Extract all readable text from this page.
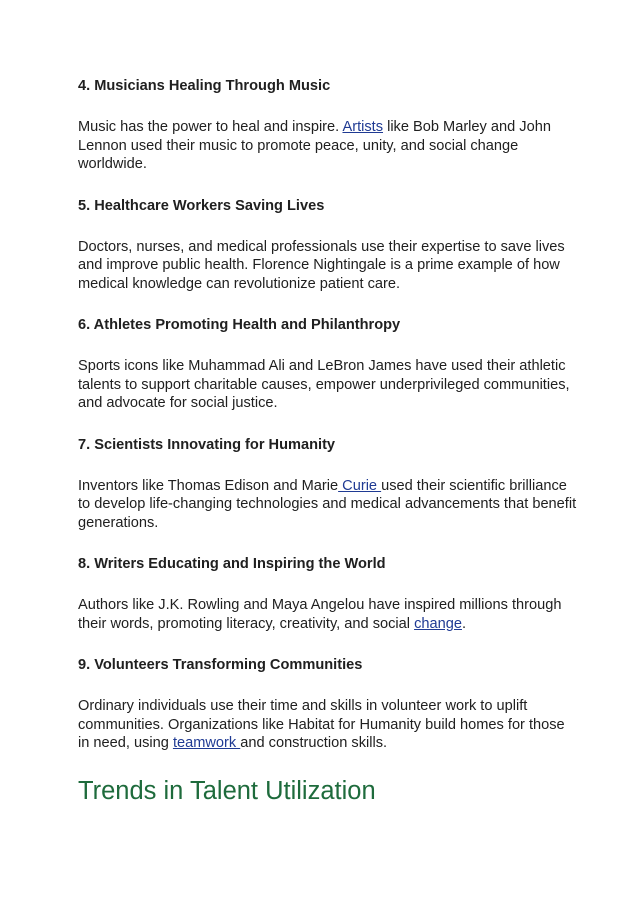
4. Musicians Healing Through Music

Music has the power to heal and inspire. Artists like Bob Marley and John Lennon used their music to promote peace, unity, and social change worldwide.

5. Healthcare Workers Saving Lives

Doctors, nurses, and medical professionals use their expertise to save lives and improve public health. Florence Nightingale is a prime example of how medical knowledge can revolutionize patient care.

6. Athletes Promoting Health and Philanthropy

Sports icons like Muhammad Ali and LeBron James have used their athletic talents to support charitable causes, empower underprivileged communities, and advocate for social justice.

7. Scientists Innovating for Humanity

Inventors like Thomas Edison and Marie Curie used their scientific brilliance to develop life-changing technologies and medical advancements that benefit generations.

8. Writers Educating and Inspiring the World

Authors like J.K. Rowling and Maya Angelou have inspired millions through their words, promoting literacy, creativity, and social change.

9. Volunteers Transforming Communities

Ordinary individuals use their time and skills in volunteer work to uplift communities. Organizations like Habitat for Humanity build homes for those in need, using teamwork and construction skills.

Trends in Talent Utilization
